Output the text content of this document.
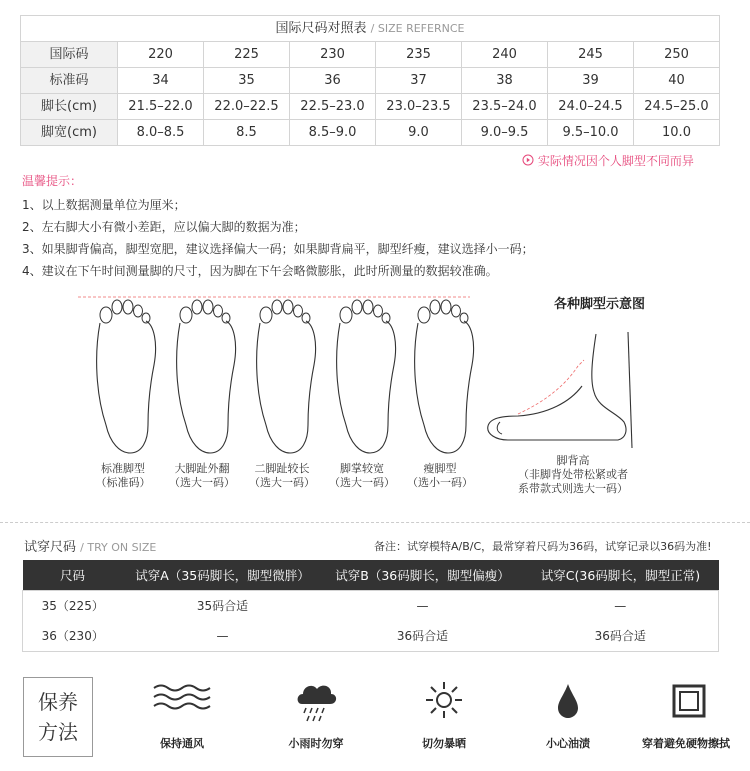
国际尺码对照表 / SIZE REFERNCE							
国际码	220	225	230	235	240	245	250
标准码	34	35	36	37	38	39	40
脚长(cm)	21.5–22.0	22.0–22.5	22.5–23.0	23.0–23.5	23.5–24.0	24.0–24.5	24.5–25.0
脚宽(cm)	8.0–8.5	8.5	8.5–9.0	9.0	9.0–9.5	9.5–10.0	10.0
实际情况因个人脚型不同而异
温馨提示：
1、以上数据测量单位为厘米；
2、左右脚大小有微小差距，应以偏大脚的数据为准；
3、如果脚背偏高，脚型宽肥，建议选择偏大一码；如果脚背扁平，脚型纤瘦，建议选择小一码；
4、建议在下午时间测量脚的尺寸，因为脚在下午会略微膨胀，此时所测量的数据较准确。
标准脚型
（标准码）
大脚趾外翻
（选大一码）
二脚趾较长
（选大一码）
脚掌较宽
（选大一码）
瘦脚型
（选小一码）
各种脚型示意图
脚背高
（非脚背处带松紧或者
系带款式则选大一码）
试穿尺码 / TRY ON SIZE	备注：试穿模特A/B/C，最常穿着尺码为36码，试穿记录以36码为准!
尺码	试穿A（35码脚长，脚型微胖）	试穿B（36码脚长，脚型偏瘦）	试穿C(36码脚长，脚型正常)
35（225）	35码合适	—	—
36（230）	—	36码合适	36码合适
保养
方法	保持通风	小雨时勿穿	切勿暴晒	小心油渍	穿着避免硬物擦拭
